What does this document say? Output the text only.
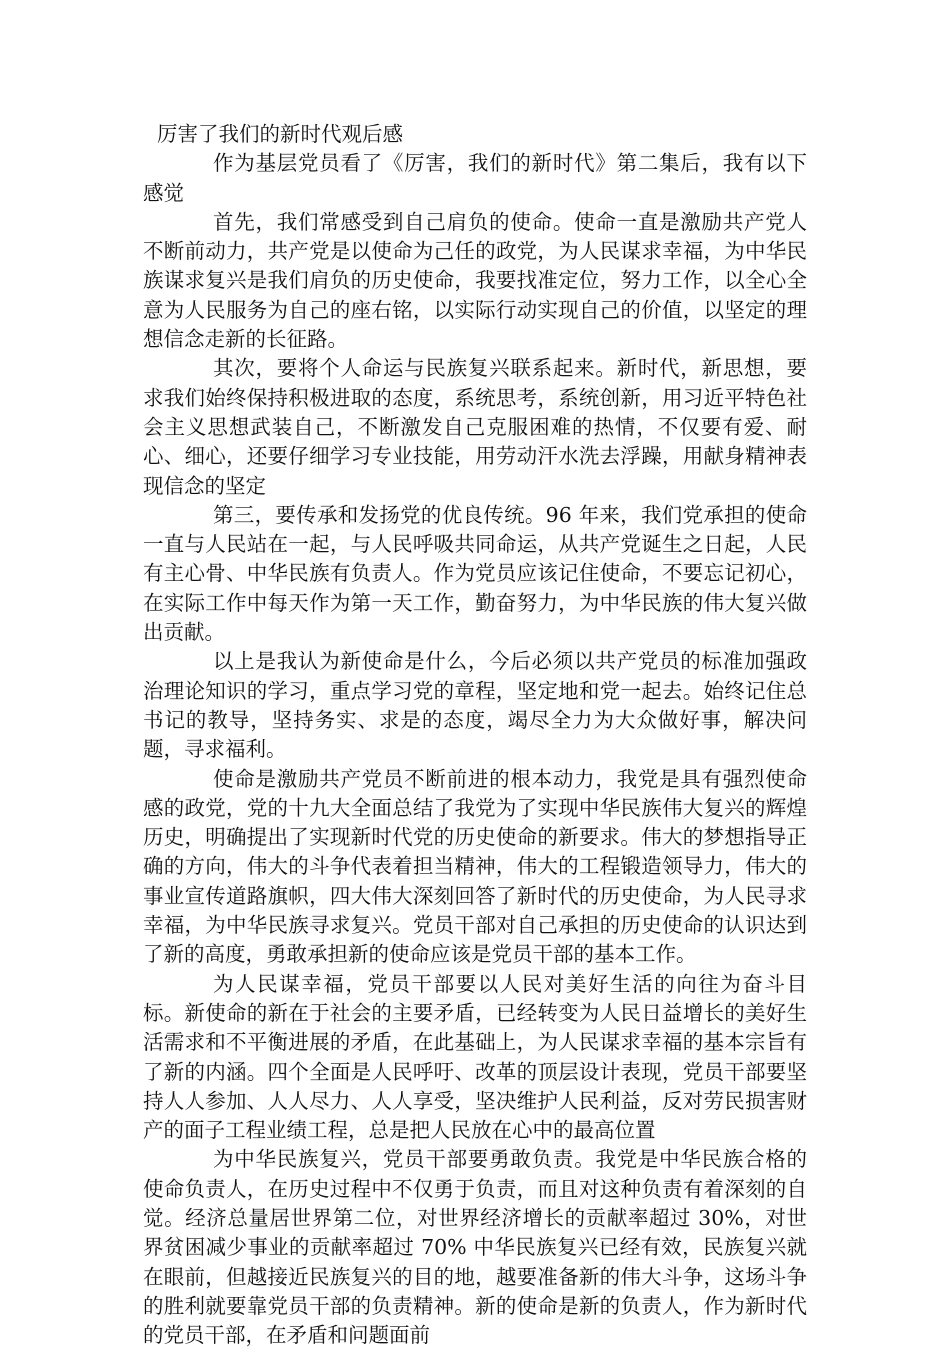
厉害了我们的新时代观后感

作为基层党员看了《厉害，我们的新时代》第二集后，我有以下感觉

首先，我们常感受到自己肩负的使命。使命一直是激励共产党人不断前动力，共产党是以使命为己任的政党，为人民谋求幸福，为中华民族谋求复兴是我们肩负的历史使命，我要找准定位，努力工作，以全心全意为人民服务为自己的座右铭，以实际行动实现自己的价值，以坚定的理想信念走新的长征路。

其次，要将个人命运与民族复兴联系起来。新时代，新思想，要求我们始终保持积极进取的态度，系统思考，系统创新，用习近平特色社会主义思想武装自己，不断激发自己克服困难的热情，不仅要有爱、耐心、细心，还要仔细学习专业技能，用劳动汗水洗去浮躁，用献身精神表现信念的坚定

第三，要传承和发扬党的优良传统。96 年来，我们党承担的使命一直与人民站在一起，与人民呼吸共同命运，从共产党诞生之日起，人民有主心骨、中华民族有负责人。作为党员应该记住使命，不要忘记初心，在实际工作中每天作为第一天工作，勤奋努力，为中华民族的伟大复兴做出贡献。

以上是我认为新使命是什么，今后必须以共产党员的标准加强政治理论知识的学习，重点学习党的章程，坚定地和党一起去。始终记住总书记的教导，坚持务实、求是的态度，竭尽全力为大众做好事，解决问题，寻求福利。

使命是激励共产党员不断前进的根本动力，我党是具有强烈使命感的政党，党的十九大全面总结了我党为了实现中华民族伟大复兴的辉煌历史，明确提出了实现新时代党的历史使命的新要求。伟大的梦想指导正确的方向，伟大的斗争代表着担当精神，伟大的工程锻造领导力，伟大的事业宣传道路旗帜，四大伟大深刻回答了新时代的历史使命，为人民寻求幸福，为中华民族寻求复兴。党员干部对自己承担的历史使命的认识达到了新的高度，勇敢承担新的使命应该是党员干部的基本工作。

为人民谋幸福，党员干部要以人民对美好生活的向往为奋斗目标。新使命的新在于社会的主要矛盾，已经转变为人民日益增长的美好生活需求和不平衡进展的矛盾，在此基础上，为人民谋求幸福的基本宗旨有了新的内涵。四个全面是人民呼吁、改革的顶层设计表现，党员干部要坚持人人参加、人人尽力、人人享受，坚决维护人民利益，反对劳民损害财产的面子工程业绩工程，总是把人民放在心中的最高位置

为中华民族复兴，党员干部要勇敢负责。我党是中华民族合格的使命负责人，在历史过程中不仅勇于负责，而且对这种负责有着深刻的自觉。经济总量居世界第二位，对世界经济增长的贡献率超过 30%，对世界贫困减少事业的贡献率超过 70% 中华民族复兴已经有效，民族复兴就在眼前，但越接近民族复兴的目的地，越要准备新的伟大斗争，这场斗争的胜利就要靠党员干部的负责精神。新的使命是新的负责人，作为新时代的党员干部，在矛盾和问题面前
